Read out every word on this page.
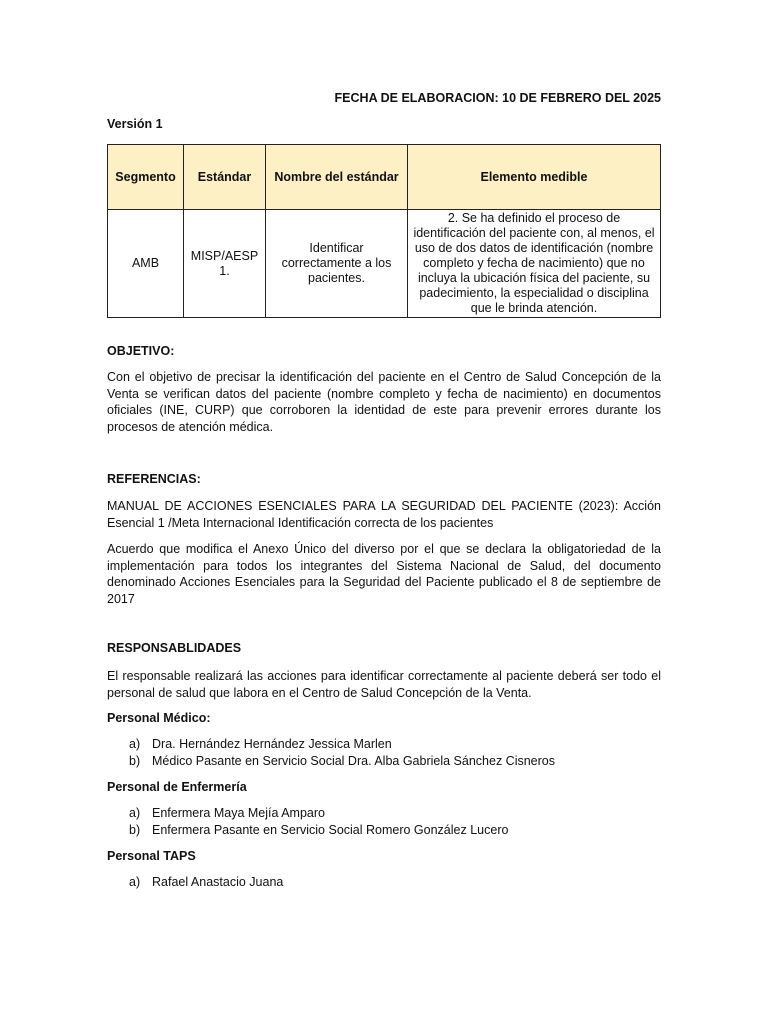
FECHA DE ELABORACION: 10 DE FEBRERO DEL 2025
Versión 1
Segmento	Estándar	Nombre del estándar	Elemento medible
AMB	MISP/AESP 1.	Identificar correctamente a los pacientes.	2. Se ha definido el proceso de identificación del paciente con, al menos, el uso de dos datos de identificación (nombre completo y fecha de nacimiento) que no incluya la ubicación física del paciente, su padecimiento, la especialidad o disciplina que le brinda atención.
OBJETIVO:
Con el objetivo de precisar la identificación del paciente en el Centro de Salud Concepción de la Venta se verifican datos del paciente (nombre completo y fecha de nacimiento) en documentos oficiales (INE, CURP) que corroboren la identidad de este para prevenir errores durante los procesos de atención médica.
REFERENCIAS:
MANUAL DE ACCIONES ESENCIALES PARA LA SEGURIDAD DEL PACIENTE (2023): Acción Esencial 1 /Meta Internacional Identificación correcta de los pacientes
Acuerdo que modifica el Anexo Único del diverso por el que se declara la obligatoriedad de la implementación para todos los integrantes del Sistema Nacional de Salud, del documento denominado Acciones Esenciales para la Seguridad del Paciente publicado el 8 de septiembre de 2017
RESPONSABLIDADES
El responsable realizará las acciones para identificar correctamente al paciente deberá ser todo el personal de salud que labora en el Centro de Salud Concepción de la Venta.
Personal Médico:
a) Dra. Hernández Hernández Jessica Marlen
b) Médico Pasante en Servicio Social Dra. Alba Gabriela Sánchez Cisneros
Personal de Enfermería
a) Enfermera Maya Mejía Amparo
b) Enfermera Pasante en Servicio Social Romero González Lucero
Personal TAPS
a) Rafael Anastacio Juana
